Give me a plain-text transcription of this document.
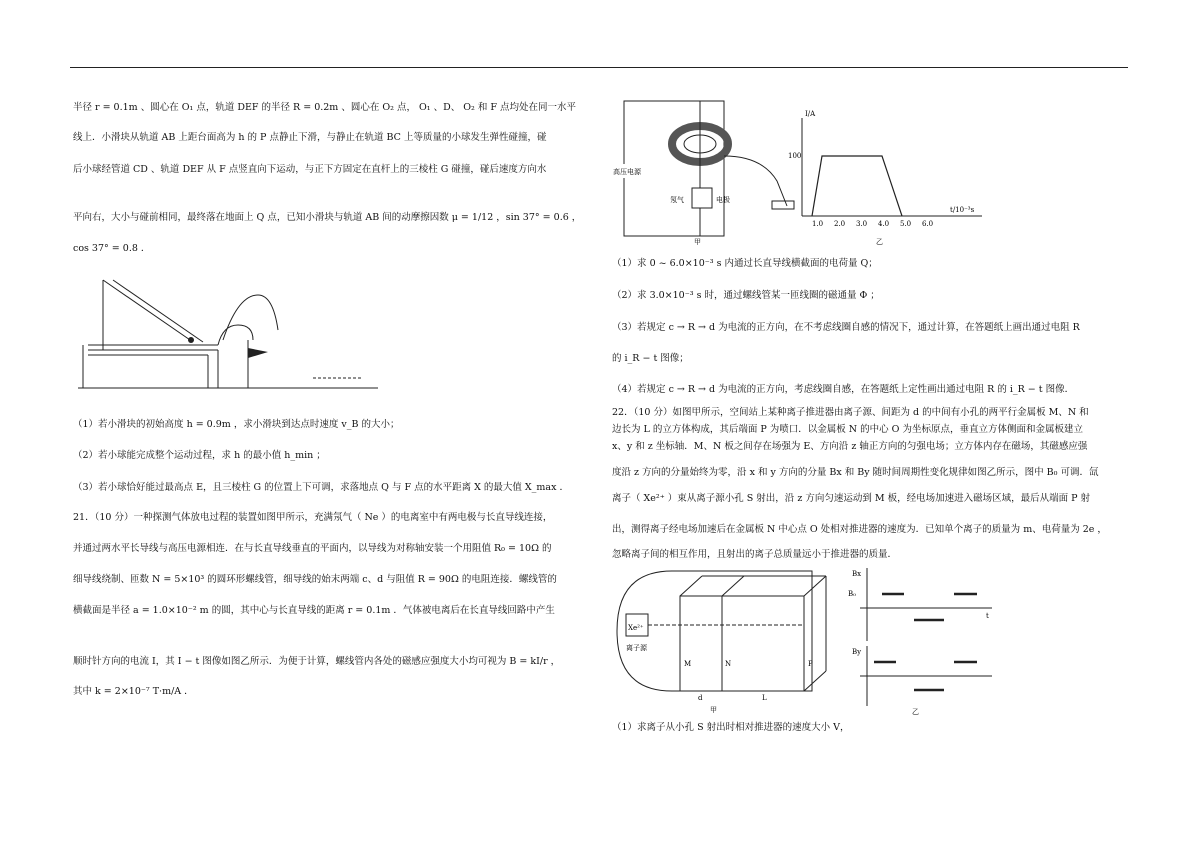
半径 r = 0.1m 、圆心在 O₁ 点，轨道 DEF 的半径 R = 0.2m 、圆心在 O₂ 点， O₁ 、D、 O₂ 和 F 点均处在同一水平

线上．小滑块从轨道 AB 上距台面高为 h 的 P 点静止下滑，与静止在轨道 BC 上等质量的小球发生弹性碰撞，碰

后小球经管道 CD 、轨道 DEF 从 F 点竖直向下运动，与正下方固定在直杆上的三棱柱 G 碰撞，碰后速度方向水

平向右，大小与碰前相同，最终落在地面上 Q 点，已知小滑块与轨道 AB 间的动摩擦因数 μ = 1/12 ，sin 37° = 0.6 ，

cos 37° = 0.8 ．

（1）若小滑块的初始高度 h = 0.9m ，求小滑块到达点时速度 v_B 的大小；

（2）若小球能完成整个运动过程，求 h 的最小值 h_min ；

（3）若小球恰好能过最高点 E，且三棱柱 G 的位置上下可调，求落地点 Q 与 F 点的水平距离 X 的最大值 X_max ．

21．（10 分）一种探测气体放电过程的装置如图甲所示，充满氖气（ Ne ）的电离室中有两电极与长直导线连接，

并通过两水平长导线与高压电源相连．在与长直导线垂直的平面内，以导线为对称轴安装一个用阻值 R₀ = 10Ω 的

细导线绕制、匝数 N = 5×10³ 的圆环形螺线管，细导线的始末两端 c、d 与阻值 R = 90Ω 的电阻连接．螺线管的

横截面是半径 a = 1.0×10⁻² m 的圆，其中心与长直导线的距离 r = 0.1m ．气体被电离后在长直导线回路中产生

顺时针方向的电流 I，其 I − t 图像如图乙所示．为便于计算，螺线管内各处的磁感应强度大小均可视为 B = kI/r ，

其中 k = 2×10⁻⁷ T·m/A ．

（1）求 0 ~ 6.0×10⁻³ s 内通过长直导线横截面的电荷量 Q；

（2）求 3.0×10⁻³ s 时，通过螺线管某一匝线圈的磁通量 Φ ；

（3）若规定 c → R → d 为电流的正方向，在不考虑线圈自感的情况下，通过计算，在答题纸上画出通过电阻 R

的 i_R − t 图像；

（4）若规定 c → R → d 为电流的正方向，考虑线圈自感，在答题纸上定性画出通过电阻 R 的 i_R − t 图像．

22．（10 分）如图甲所示，空间站上某种离子推进器由离子源、间距为 d 的中间有小孔的两平行金属板 M、N 和

边长为 L 的立方体构成，其后端面 P 为喷口．以金属板 N 的中心 O 为坐标原点，垂直立方体侧面和金属板建立

x、y 和 z 坐标轴．M、N 板之间存在场强为 E、方向沿 z 轴正方向的匀强电场；立方体内存在磁场，其磁感应强

度沿 z 方向的分量始终为零，沿 x 和 y 方向的分量 Bx 和 By 随时间周期性变化规律如图乙所示，图中 B₀ 可调．氙

离子（ Xe²⁺ ）束从离子源小孔 S 射出，沿 z 方向匀速运动到 M 板，经电场加速进入磁场区域，最后从端面 P 射

出，测得离子经电场加速后在金属板 N 中心点 O 处相对推进器的速度为．已知单个离子的质量为 m、电荷量为 2e ，

忽略离子间的相互作用，且射出的离子总质量远小于推进器的质量．

（1）求离子从小孔 S 射出时相对推进器的速度大小 V，

高压电源
氖气	电极
甲
I/A
t/10⁻³s
100
1.0 2.0 3.0 4.0 5.0 6.0
乙
Xe²⁺
离子源
M	N	P
d	L
甲
Bx
By
B₀
t
乙
